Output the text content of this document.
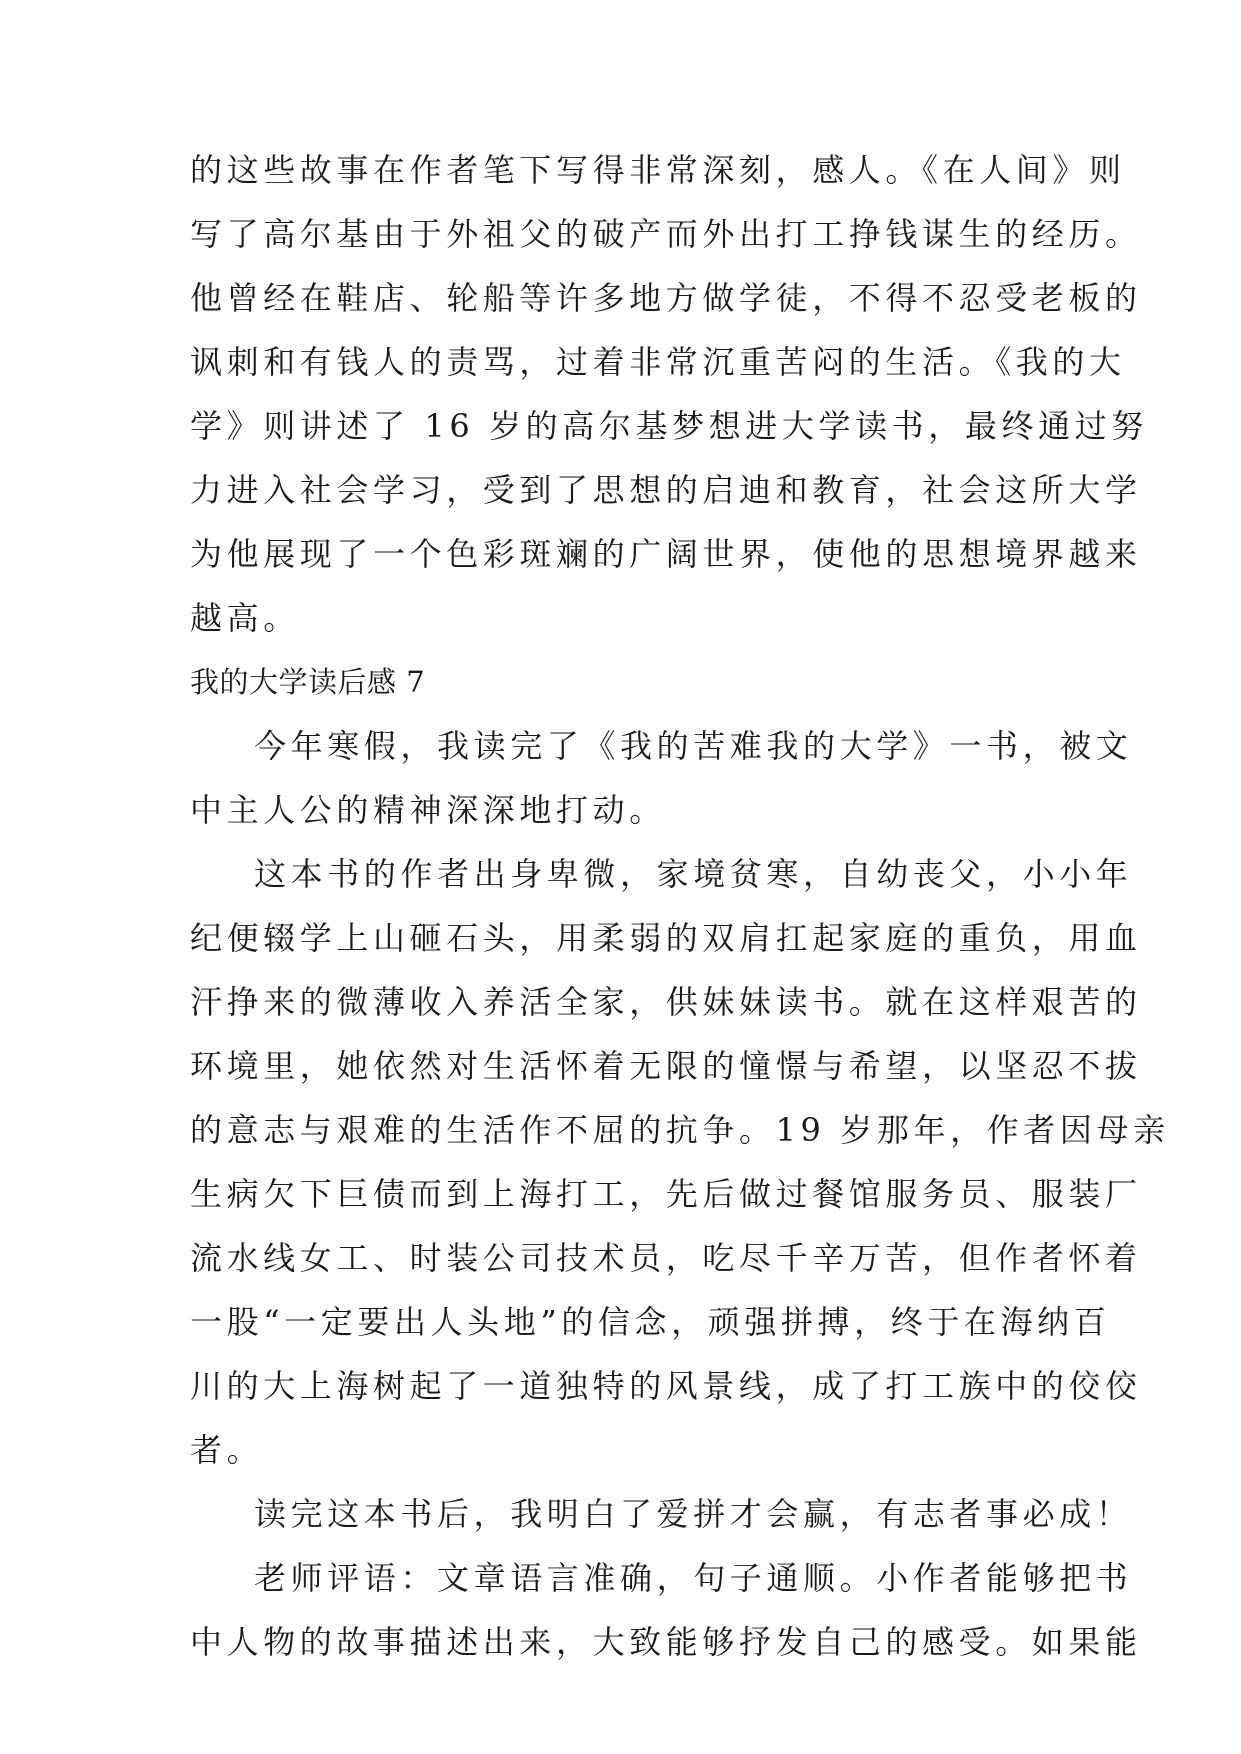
的这些故事在作者笔下写得非常深刻，感人。《在人间》则
写了高尔基由于外祖父的破产而外出打工挣钱谋生的经历。
他曾经在鞋店、轮船等许多地方做学徒，不得不忍受老板的
讽刺和有钱人的责骂，过着非常沉重苦闷的生活。《我的大
学》则讲述了 16 岁的高尔基梦想进大学读书，最终通过努
力进入社会学习，受到了思想的启迪和教育，社会这所大学
为他展现了一个色彩斑斓的广阔世界，使他的思想境界越来
越高。
我的大学读后感 7
今年寒假，我读完了《我的苦难我的大学》一书，被文
中主人公的精神深深地打动。
这本书的作者出身卑微，家境贫寒，自幼丧父，小小年
纪便辍学上山砸石头，用柔弱的双肩扛起家庭的重负，用血
汗挣来的微薄收入养活全家，供妹妹读书。就在这样艰苦的
环境里，她依然对生活怀着无限的憧憬与希望，以坚忍不拔
的意志与艰难的生活作不屈的抗争。19 岁那年，作者因母亲
生病欠下巨债而到上海打工，先后做过餐馆服务员、服装厂
流水线女工、时装公司技术员，吃尽千辛万苦，但作者怀着
一股“一定要出人头地”的信念，顽强拼搏，终于在海纳百
川的大上海树起了一道独特的风景线，成了打工族中的佼佼
者。
读完这本书后，我明白了爱拼才会赢，有志者事必成！
老师评语：文章语言准确，句子通顺。小作者能够把书
中人物的故事描述出来，大致能够抒发自己的感受。如果能
